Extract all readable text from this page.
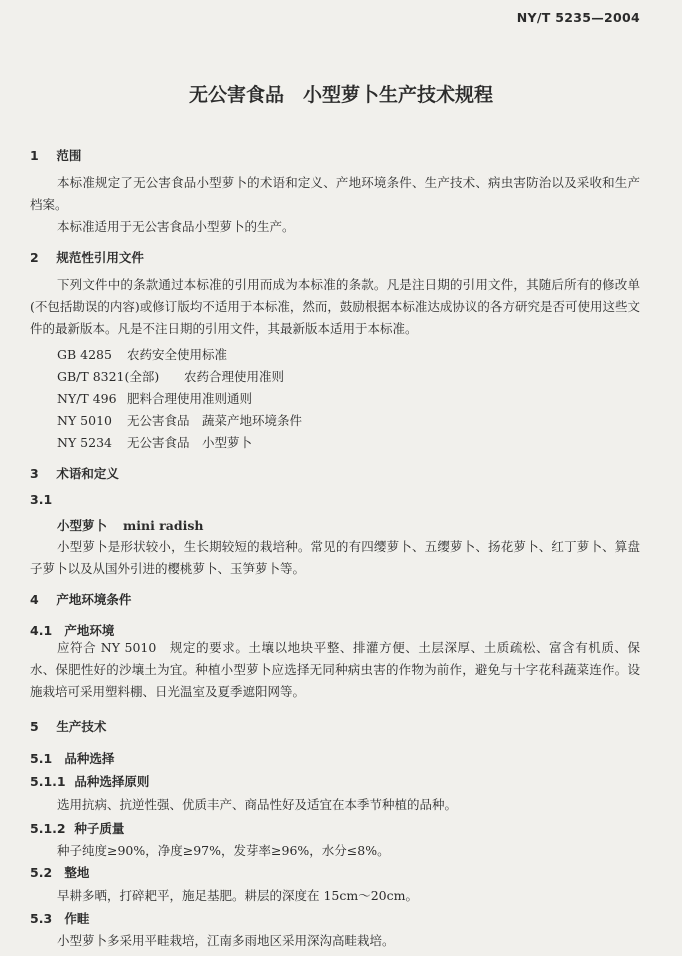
NY/T 5235—2004
无公害食品　小型萝卜生产技术规程
1 范围
本标准规定了无公害食品小型萝卜的术语和定义、产地环境条件、生产技术、病虫害防治以及采收和生产档案。
本标准适用于无公害食品小型萝卜的生产。
2 规范性引用文件
下列文件中的条款通过本标准的引用而成为本标准的条款。凡是注日期的引用文件，其随后所有的修改单(不包括勘误的内容)或修订版均不适用于本标准，然而，鼓励根据本标准达成协议的各方研究是否可使用这些文件的最新版本。凡是不注日期的引用文件，其最新版本适用于本标准。
GB 4285 农药安全使用标准
GB/T 8321(全部) 农药合理使用准则
NY/T 496 肥料合理使用准则通则
NY 5010 无公害食品　蔬菜产地环境条件
NY 5234 无公害食品　小型萝卜
3 术语和定义
3.1
小型萝卜 mini radish
小型萝卜是形状较小，生长期较短的栽培种。常见的有四缨萝卜、五缨萝卜、扬花萝卜、红丁萝卜、算盘子萝卜以及从国外引进的樱桃萝卜、玉笋萝卜等。
4 产地环境条件
4.1 产地环境
应符合 NY 5010　规定的要求。土壤以地块平整、排灌方便、土层深厚、土质疏松、富含有机质、保水、保肥性好的沙壤土为宜。种植小型萝卜应选择无同种病虫害的作物为前作，避免与十字花科蔬菜连作。设施栽培可采用塑料棚、日光温室及夏季遮阳网等。
5 生产技术
5.1 品种选择
5.1.1 品种选择原则
选用抗病、抗逆性强、优质丰产、商品性好及适宜在本季节种植的品种。
5.1.2 种子质量
种子纯度≥90%，净度≥97%，发芽率≥96%，水分≤8%。
5.2 整地
早耕多晒，打碎耙平，施足基肥。耕层的深度在 15cm～20cm。
5.3 作畦
小型萝卜多采用平畦栽培，江南多雨地区采用深沟高畦栽培。
